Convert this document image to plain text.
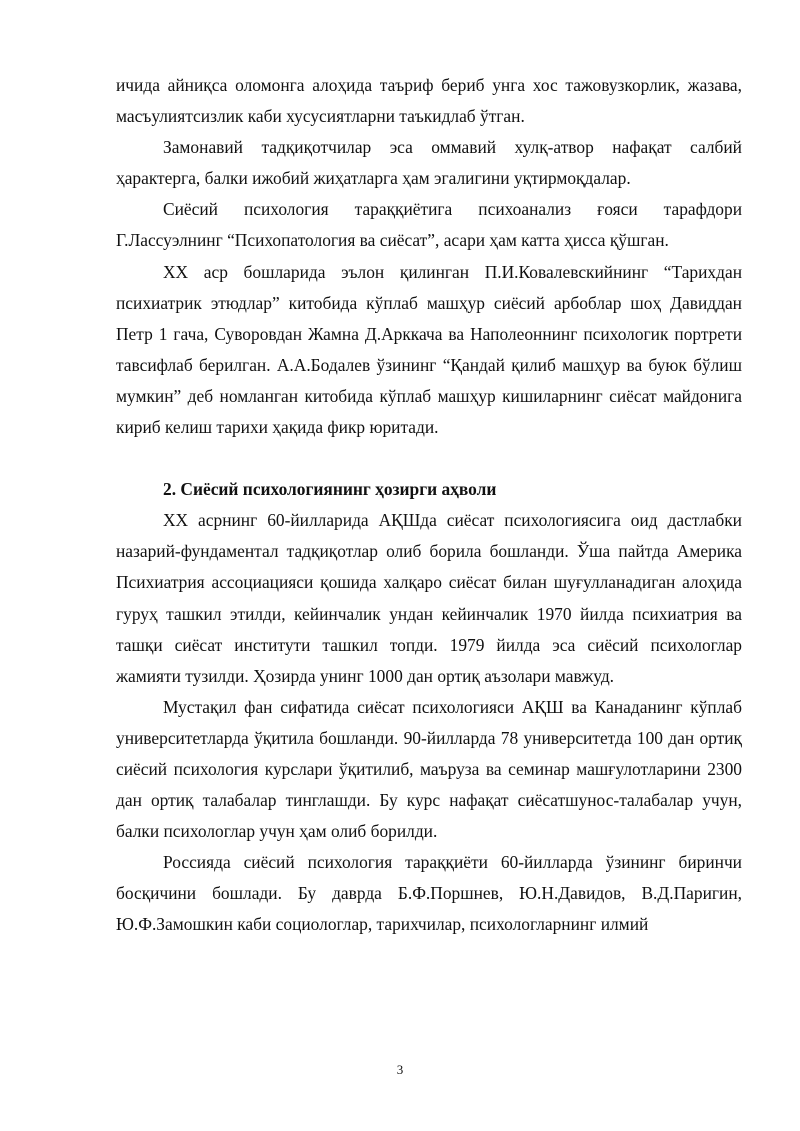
ичида айниқса оломонга алоҳида таъриф бериб унга хос тажовузкорлик, жазава, масъулиятсизлик каби хусусиятларни таъкидлаб ўтган.

Замонавий тадқиқотчилар эса оммавий хулқ-атвор нафақат салбий ҳарактерга, балки ижобий жиҳатларга ҳам эгалигини уқтирмоқдалар.

Сиёсий психология тараққиётига психоанализ ғояси тарафдори Г.Лассуэлнинг “Психопатология ва сиёсат”, асари ҳам катта ҳисса қўшган.

XX аср бошларида эълон қилинган П.И.Ковалевскийнинг “Тарихдан психиатрик этюдлар” китобида кўплаб машҳур сиёсий арбоблар шоҳ Давиддан Петр 1 гача, Суворовдан Жамна Д.Арккача ва Наполеоннинг психологик портрети тавсифлаб берилган. А.А.Бодалев ўзининг “Қандай қилиб машҳур ва буюк бўлиш мумкин” деб номланган китобида кўплаб машҳур кишиларнинг сиёсат майдонига кириб келиш тарихи ҳақида фикр юритади.

2. Сиёсий психологиянинг ҳозирги аҳволи

XX асрнинг 60-йилларида АҚШда сиёсат психологиясига оид дастлабки назарий-фундаментал тадқиқотлар олиб борила бошланди. Ўша пайтда Америка Психиатрия ассоциацияси қошида халқаро сиёсат билан шуғулланадиган алоҳида гуруҳ ташкил этилди, кейинчалик ундан кейинчалик 1970 йилда психиатрия ва ташқи сиёсат институти ташкил топди. 1979 йилда эса сиёсий психологлар жамияти тузилди. Ҳозирда унинг 1000 дан ортиқ аъзолари мавжуд.

Мустақил фан сифатида сиёсат психологияси АҚШ ва Канаданинг кўплаб университетларда ўқитила бошланди. 90-йилларда 78 университетда 100 дан ортиқ сиёсий психология курслари ўқитилиб, маъруза ва семинар машғулотларини 2300 дан ортиқ талабалар тинглашди. Бу курс нафақат сиёсатшунос-талабалар учун, балки психологлар учун ҳам олиб борилди.

Россияда сиёсий психология тараққиёти 60-йилларда ўзининг биринчи босқичини бошлади. Бу даврда Б.Ф.Поршнев, Ю.Н.Давидов, В.Д.Паригин, Ю.Ф.Замошкин каби социологлар, тарихчилар, психологларнинг илмий

3
